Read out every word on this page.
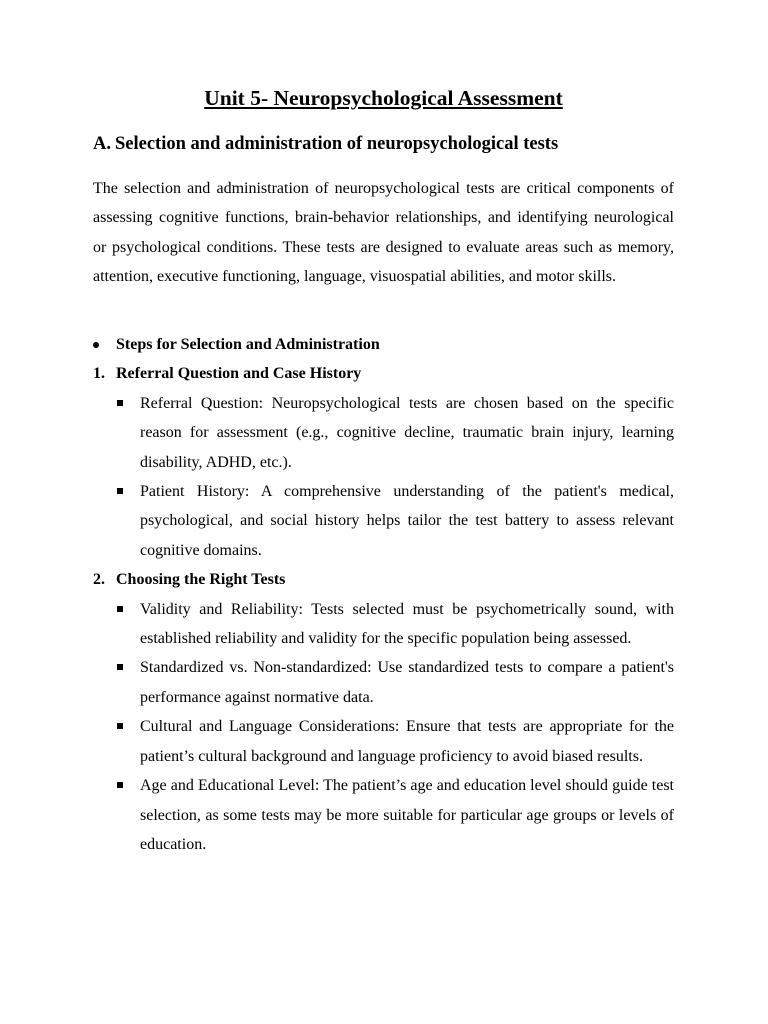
Unit 5- Neuropsychological Assessment
A. Selection and administration of neuropsychological tests

The selection and administration of neuropsychological tests are critical components of assessing cognitive functions, brain-behavior relationships, and identifying neurological or psychological conditions. These tests are designed to evaluate areas such as memory, attention, executive functioning, language, visuospatial abilities, and motor skills.

Steps for Selection and Administration
1. Referral Question and Case History
Referral Question: Neuropsychological tests are chosen based on the specific reason for assessment (e.g., cognitive decline, traumatic brain injury, learning disability, ADHD, etc.).
Patient History: A comprehensive understanding of the patient's medical, psychological, and social history helps tailor the test battery to assess relevant cognitive domains.
2. Choosing the Right Tests
Validity and Reliability: Tests selected must be psychometrically sound, with established reliability and validity for the specific population being assessed.
Standardized vs. Non-standardized: Use standardized tests to compare a patient's performance against normative data.
Cultural and Language Considerations: Ensure that tests are appropriate for the patient’s cultural background and language proficiency to avoid biased results.
Age and Educational Level: The patient’s age and education level should guide test selection, as some tests may be more suitable for particular age groups or levels of education.
